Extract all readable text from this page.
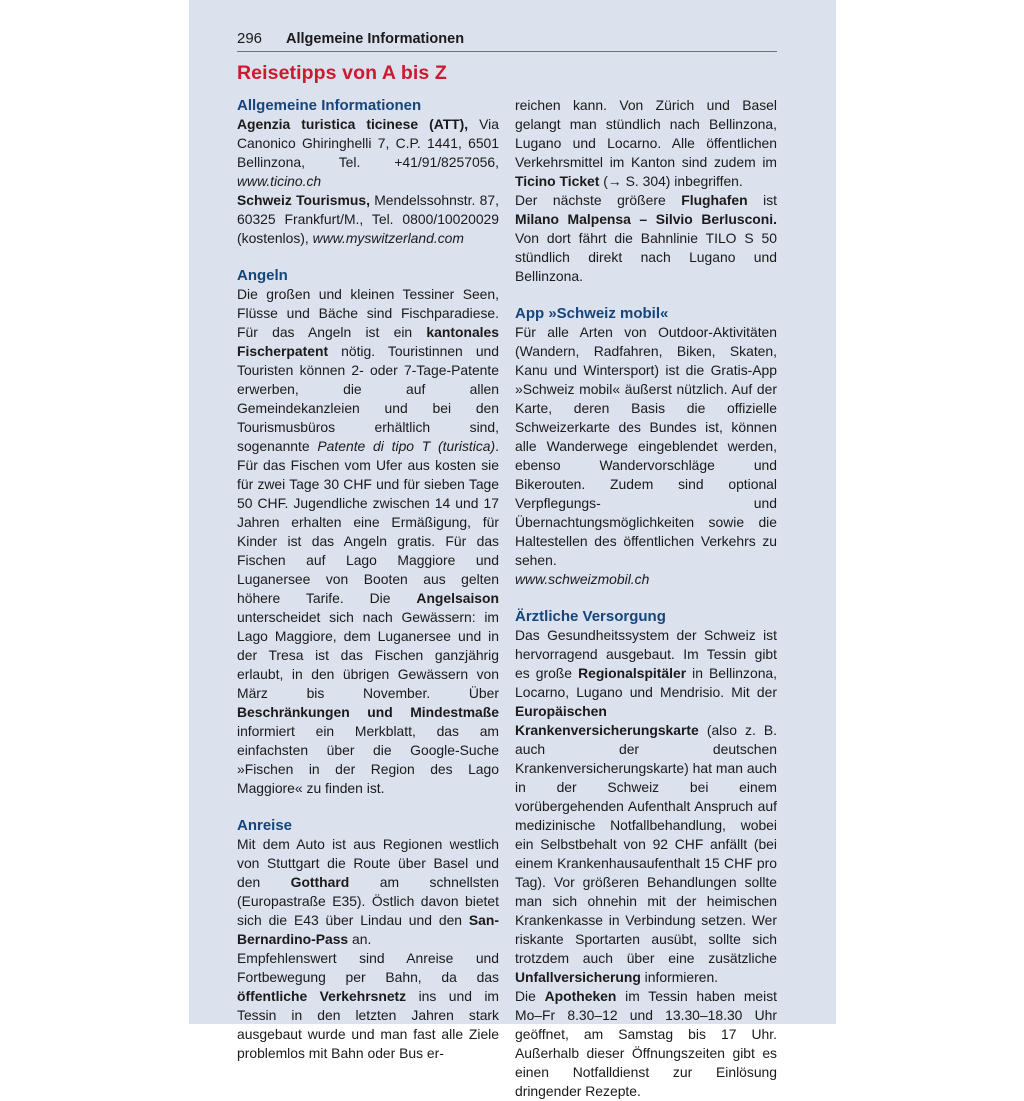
296 Allgemeine Informationen
Reisetipps von A bis Z
Allgemeine Informationen

Agenzia turistica ticinese (ATT), Via Canonico Ghiringhelli 7, C.P. 1441, 6501 Bellinzona, Tel. +41/91/8257056, www.ticino.ch

Schweiz Tourismus, Mendelssohnstr. 87, 60325 Frankfurt/M., Tel. 0800/10020029 (kostenlos), www.myswitzerland.com

Angeln

Die großen und kleinen Tessiner Seen, Flüsse und Bäche sind Fischparadiese. Für das Angeln ist ein kantonales Fischerpatent nötig. Touristinnen und Touristen können 2- oder 7-Tage-Patente erwerben, die auf allen Gemeindekanzleien und bei den Tourismusbüros erhältlich sind, sogenannte Patente di tipo T (turistica). Für das Fischen vom Ufer aus kosten sie für zwei Tage 30 CHF und für sieben Tage 50 CHF. Jugendliche zwischen 14 und 17 Jahren erhalten eine Ermäßigung, für Kinder ist das Angeln gratis. Für das Fischen auf Lago Maggiore und Luganersee von Booten aus gelten höhere Tarife. Die Angelsaison unterscheidet sich nach Gewässern: im Lago Maggiore, dem Luganersee und in der Tresa ist das Fischen ganzjährig erlaubt, in den übrigen Gewässern von März bis November. Über Beschränkungen und Mindestmaße informiert ein Merkblatt, das am einfachsten über die Google-Suche »Fischen in der Region des Lago Maggiore« zu finden ist.

Anreise

Mit dem Auto ist aus Regionen westlich von Stuttgart die Route über Basel und den Gotthard am schnellsten (Europastraße E35). Östlich davon bietet sich die E43 über Lindau und den San-Bernardino-Pass an.

Empfehlenswert sind Anreise und Fortbewegung per Bahn, da das öffentliche Verkehrsnetz ins und im Tessin in den letzten Jahren stark ausgebaut wurde und man fast alle Ziele problemlos mit Bahn oder Bus er-

reichen kann. Von Zürich und Basel gelangt man stündlich nach Bellinzona, Lugano und Locarno. Alle öffentlichen Verkehrsmittel im Kanton sind zudem im Ticino Ticket (→ S. 304) inbegriffen.

Der nächste größere Flughafen ist Milano Malpensa – Silvio Berlusconi. Von dort fährt die Bahnlinie TILO S 50 stündlich direkt nach Lugano und Bellinzona.

App »Schweiz mobil«

Für alle Arten von Outdoor-Aktivitäten (Wandern, Radfahren, Biken, Skaten, Kanu und Wintersport) ist die Gratis-App »Schweiz mobil« äußerst nützlich. Auf der Karte, deren Basis die offizielle Schweizerkarte des Bundes ist, können alle Wanderwege eingeblendet werden, ebenso Wandervorschläge und Bikerouten. Zudem sind optional Verpflegungs- und Übernachtungsmöglichkeiten sowie die Haltestellen des öffentlichen Verkehrs zu sehen.

www.schweizmobil.ch

Ärztliche Versorgung

Das Gesundheitssystem der Schweiz ist hervorragend ausgebaut. Im Tessin gibt es große Regionalspitäler in Bellinzona, Locarno, Lugano und Mendrisio. Mit der Europäischen Krankenversicherungskarte (also z. B. auch der deutschen Krankenversicherungskarte) hat man auch in der Schweiz bei einem vorübergehenden Aufenthalt Anspruch auf medizinische Notfallbehandlung, wobei ein Selbstbehalt von 92 CHF anfällt (bei einem Krankenhausaufenthalt 15 CHF pro Tag). Vor größeren Behandlungen sollte man sich ohnehin mit der heimischen Krankenkasse in Verbindung setzen. Wer riskante Sportarten ausübt, sollte sich trotzdem auch über eine zusätzliche Unfallversicherung informieren.

Die Apotheken im Tessin haben meist Mo–Fr 8.30–12 und 13.30–18.30 Uhr geöffnet, am Samstag bis 17 Uhr. Außerhalb dieser Öffnungszeiten gibt es einen Notfalldienst zur Einlösung dringender Rezepte.
